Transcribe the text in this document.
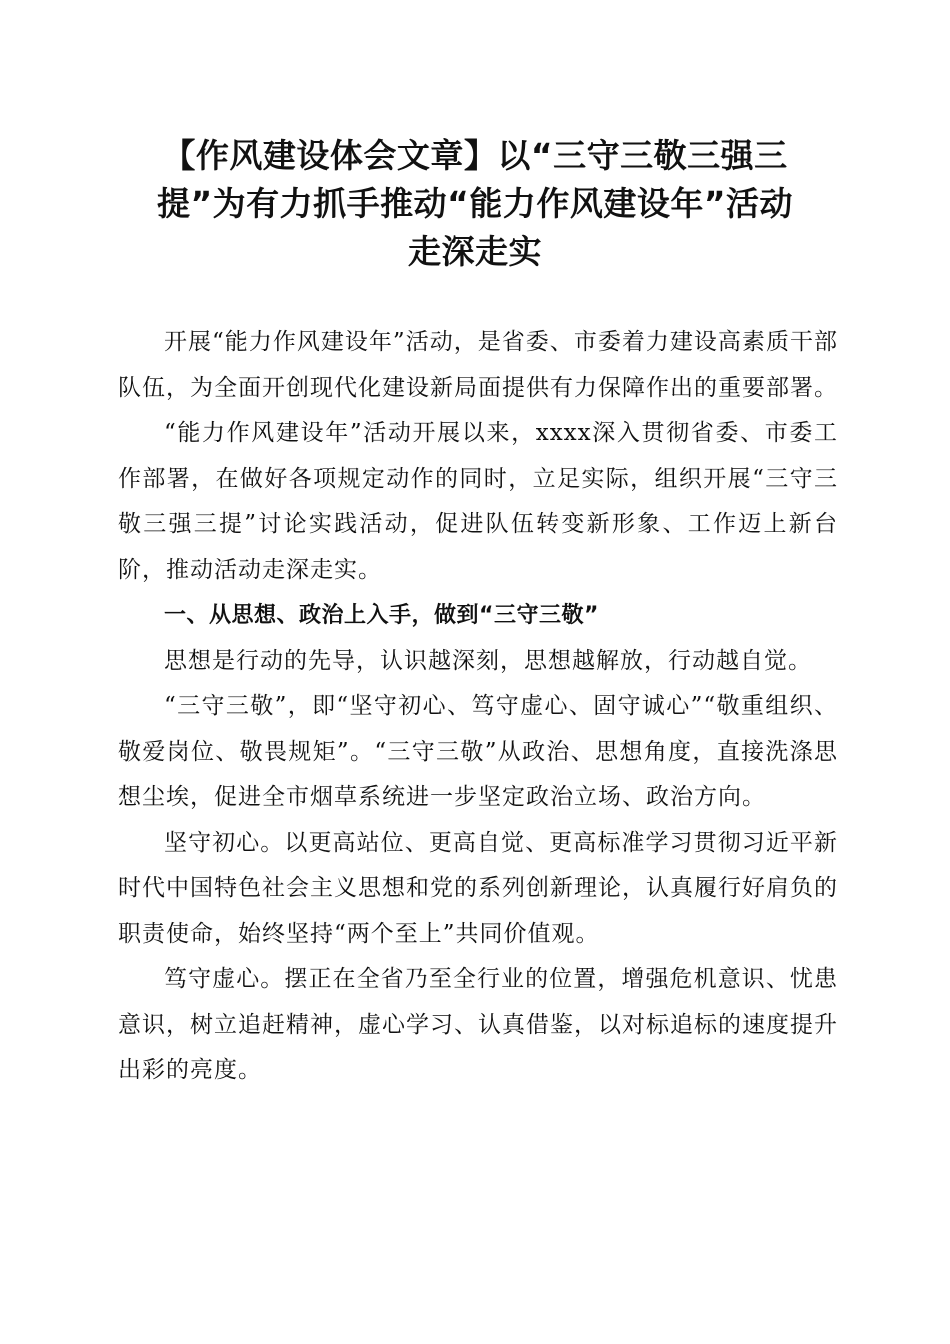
【作风建设体会文章】以“三守三敬三强三
提”为有力抓手推动“能力作风建设年”活动
走深走实

开展“能力作风建设年”活动，是省委、市委着力建设高素质干部队伍，为全面开创现代化建设新局面提供有力保障作出的重要部署。

“能力作风建设年”活动开展以来，xxxx深入贯彻省委、市委工作部署，在做好各项规定动作的同时，立足实际，组织开展“三守三敬三强三提”讨论实践活动，促进队伍转变新形象、工作迈上新台阶，推动活动走深走实。

一、从思想、政治上入手，做到“三守三敬”

思想是行动的先导，认识越深刻，思想越解放，行动越自觉。

“三守三敬”，即“坚守初心、笃守虚心、固守诚心”“敬重组织、敬爱岗位、敬畏规矩”。“三守三敬”从政治、思想角度，直接洗涤思想尘埃，促进全市烟草系统进一步坚定政治立场、政治方向。

坚守初心。以更高站位、更高自觉、更高标准学习贯彻习近平新时代中国特色社会主义思想和党的系列创新理论，认真履行好肩负的职责使命，始终坚持“两个至上”共同价值观。

笃守虚心。摆正在全省乃至全行业的位置，增强危机意识、忧患意识，树立追赶精神，虚心学习、认真借鉴，以对标追标的速度提升出彩的亮度。
